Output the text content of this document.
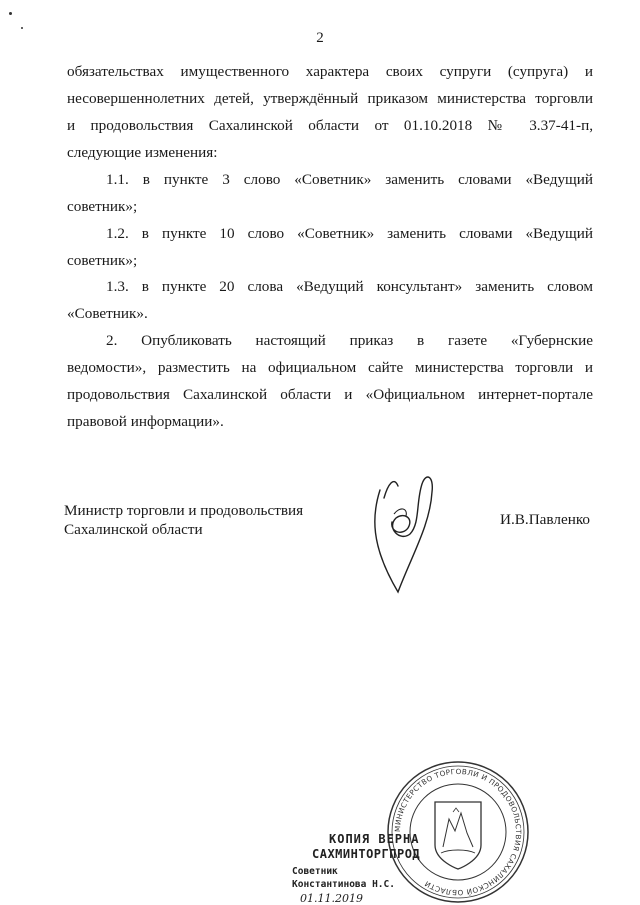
2
обязательствах имущественного характера своих супруги (супруга) и
несовершеннолетних детей, утверждённый приказом министерства торговли
и продовольствия Сахалинской области от 01.10.2018 № 3.37-41-п,
следующие изменения:
1.1. в пункте 3 слово «Советник» заменить словами «Ведущий
советник»;
1.2. в пункте 10 слово «Советник» заменить словами «Ведущий
советник»;
1.3. в пункте 20 слова «Ведущий консультант» заменить словом
«Советник».
2. Опубликовать настоящий приказ в газете «Губернские
ведомости», разместить на официальном сайте министерства торговли и
продовольствия Сахалинской области и «Официальном интернет-портале
правовой информации».
Министр торговли и продовольствия
Сахалинской области
И.В.Павленко
МИНИСТЕРСТВО ТОРГОВЛИ И ПРОДОВОЛЬСТВИЯ САХАЛИНСКОЙ ОБЛАСТИ
КОПИЯ ВЕРНА
САХМИНТОРГПРОД
Советник
Константинова Н.С.
01.11.2019
